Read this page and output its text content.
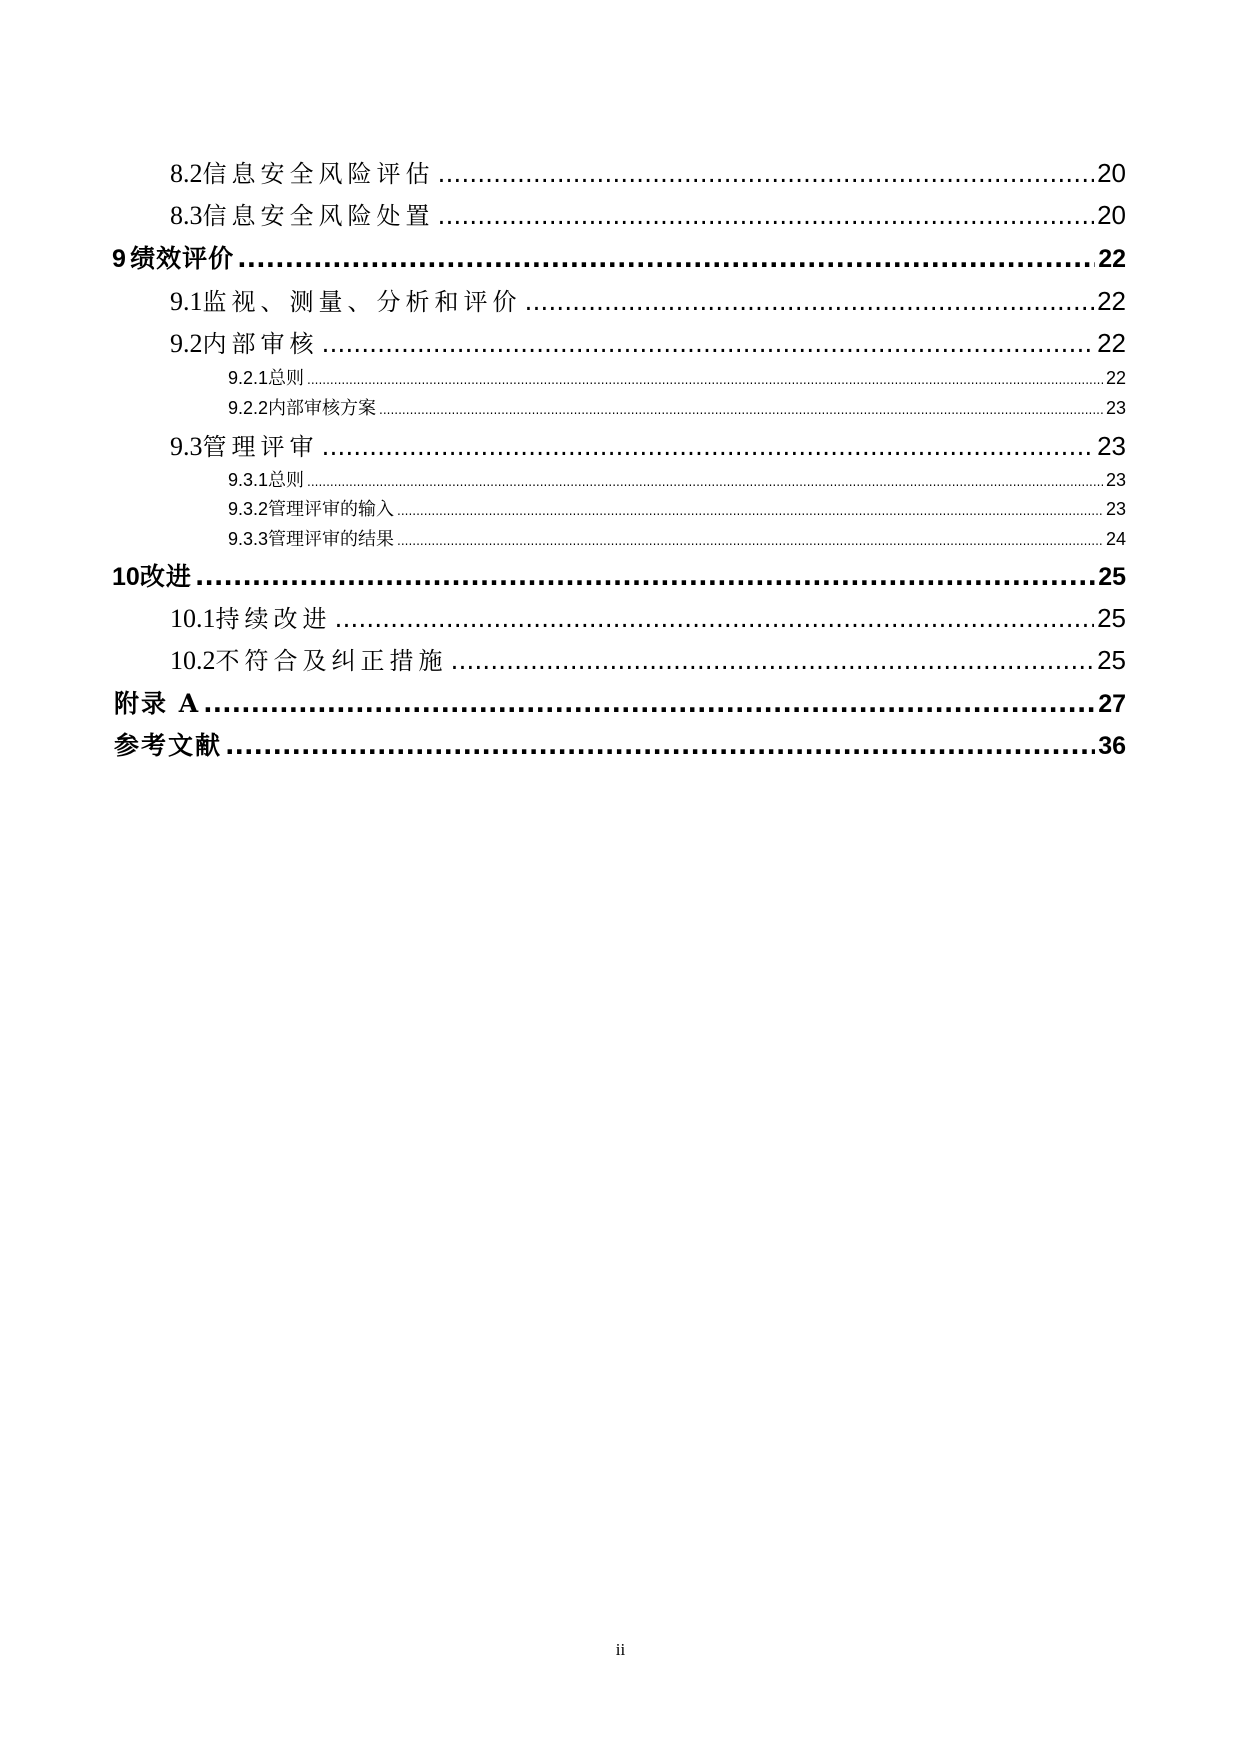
8.2 信息安全风险评估 .....	20
8.3 信息安全风险处置 .....	20
9 绩效评价 .....	22
9.1 监视、测量、分析和评价 .....	22
9.2 内部审核 .....	22
9.2.1 总则 .....	22
9.2.2 内部审核方案 .....	23
9.3 管理评审 .....	23
9.3.1 总则 .....	23
9.3.2 管理评审的输入 .....	23
9.3.3 管理评审的结果 .....	24
10 改进 .....	25
10.1 持续改进 .....	25
10.2 不符合及纠正措施 .....	25
附录 A .....	27
参考文献 .....	36
ii
